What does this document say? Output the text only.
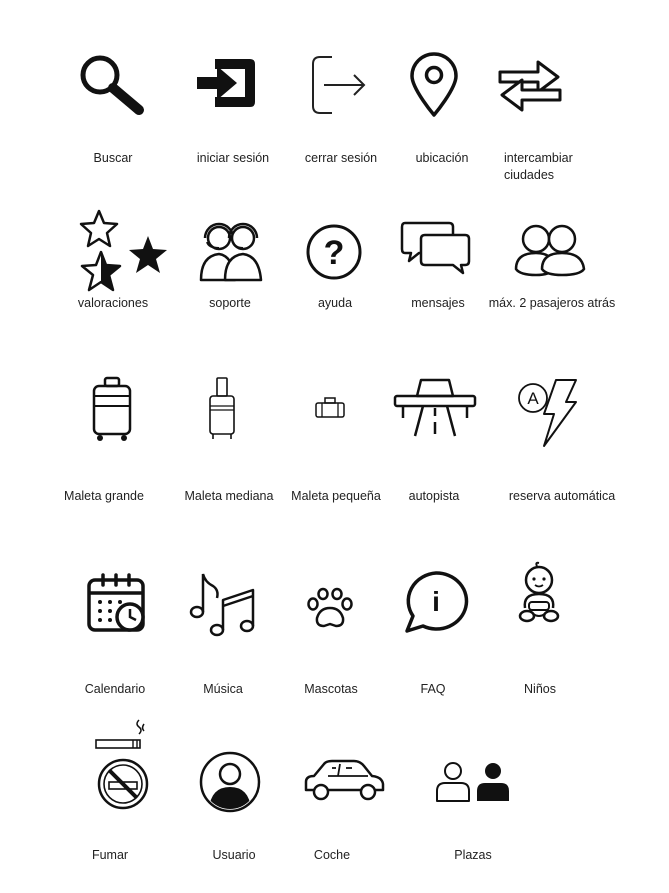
Buscar	iniciar sesión	cerrar sesión	ubicación	intercambiar
ciudades
valoraciones	soporte
?
ayuda	mensajes máx. 2 pasajeros atrás
Maleta grande	Maleta mediana Maleta pequeña autopista
A
reserva automática
Calendario	Música	Mascotas
i
FAQ	Niños
Fumar	Usuario	Coche	Plazas
